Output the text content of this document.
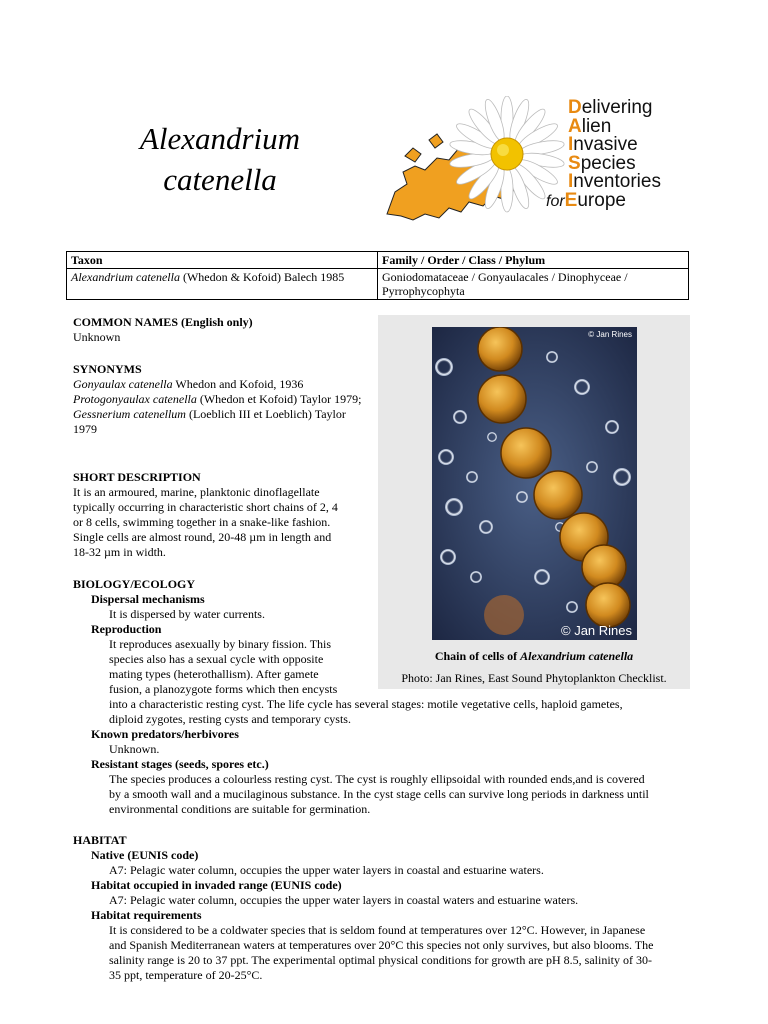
Alexandrium
catenella
Delivering
Alien
Invasive
Species
Inventories
forEurope
Taxon	Family / Order / Class / Phylum
Alexandrium catenella (Whedon & Kofoid) Balech 1985	Goniodomataceae / Gonyaulacales / Dinophyceae / Pyrrophycophyta
COMMON NAMES (English only)
Unknown
SYNONYMS
Gonyaulax catenella Whedon and Kofoid, 1936
Protogonyaulax catenella (Whedon et Kofoid) Taylor 1979;
Gessnerium catenellum (Loeblich III et Loeblich) Taylor 1979
SHORT DESCRIPTION
It is an armoured, marine, planktonic dinoflagellate
typically occurring in characteristic short chains of 2, 4
or 8 cells, swimming together in a snake-like fashion.
Single cells are almost round, 20-48 µm in length and
18-32 µm in width.
BIOLOGY/ECOLOGY
Dispersal mechanisms
It is dispersed by water currents.
Reproduction
It reproduces asexually by binary fission. This
species also has a sexual cycle with opposite
mating types (heterothallism). After gamete
fusion, a planozygote forms which then encysts
into a characteristic resting cyst. The life cycle has several stages: motile vegetative cells, haploid gametes,
diploid zygotes, resting cysts and temporary cysts.
Known predators/herbivores
Unknown.
Resistant stages (seeds, spores etc.)
The species produces a colourless resting cyst. The cyst is roughly ellipsoidal with rounded ends,and is covered
by a smooth wall and a mucilaginous substance. In the cyst stage cells can survive long periods in darkness until
environmental conditions are suitable for germination.
© Jan Rines
© Jan Rines
Chain of cells of Alexandrium catenella
Photo: Jan Rines, East Sound Phytoplankton Checklist.
HABITAT
Native (EUNIS code)
A7: Pelagic water column, occupies the upper water layers in coastal and estuarine waters.
Habitat occupied in invaded range (EUNIS code)
A7: Pelagic water column, occupies the upper water layers in coastal waters and estuarine waters.
Habitat requirements
It is considered to be a coldwater species that is seldom found at temperatures over 12°C. However, in Japanese
and Spanish Mediterranean waters at temperatures over 20°C this species not only survives, but also blooms. The
salinity range is 20 to 37 ppt. The experimental optimal physical conditions for growth are pH 8.5, salinity of 30-
35 ppt, temperature of 20-25°C.
